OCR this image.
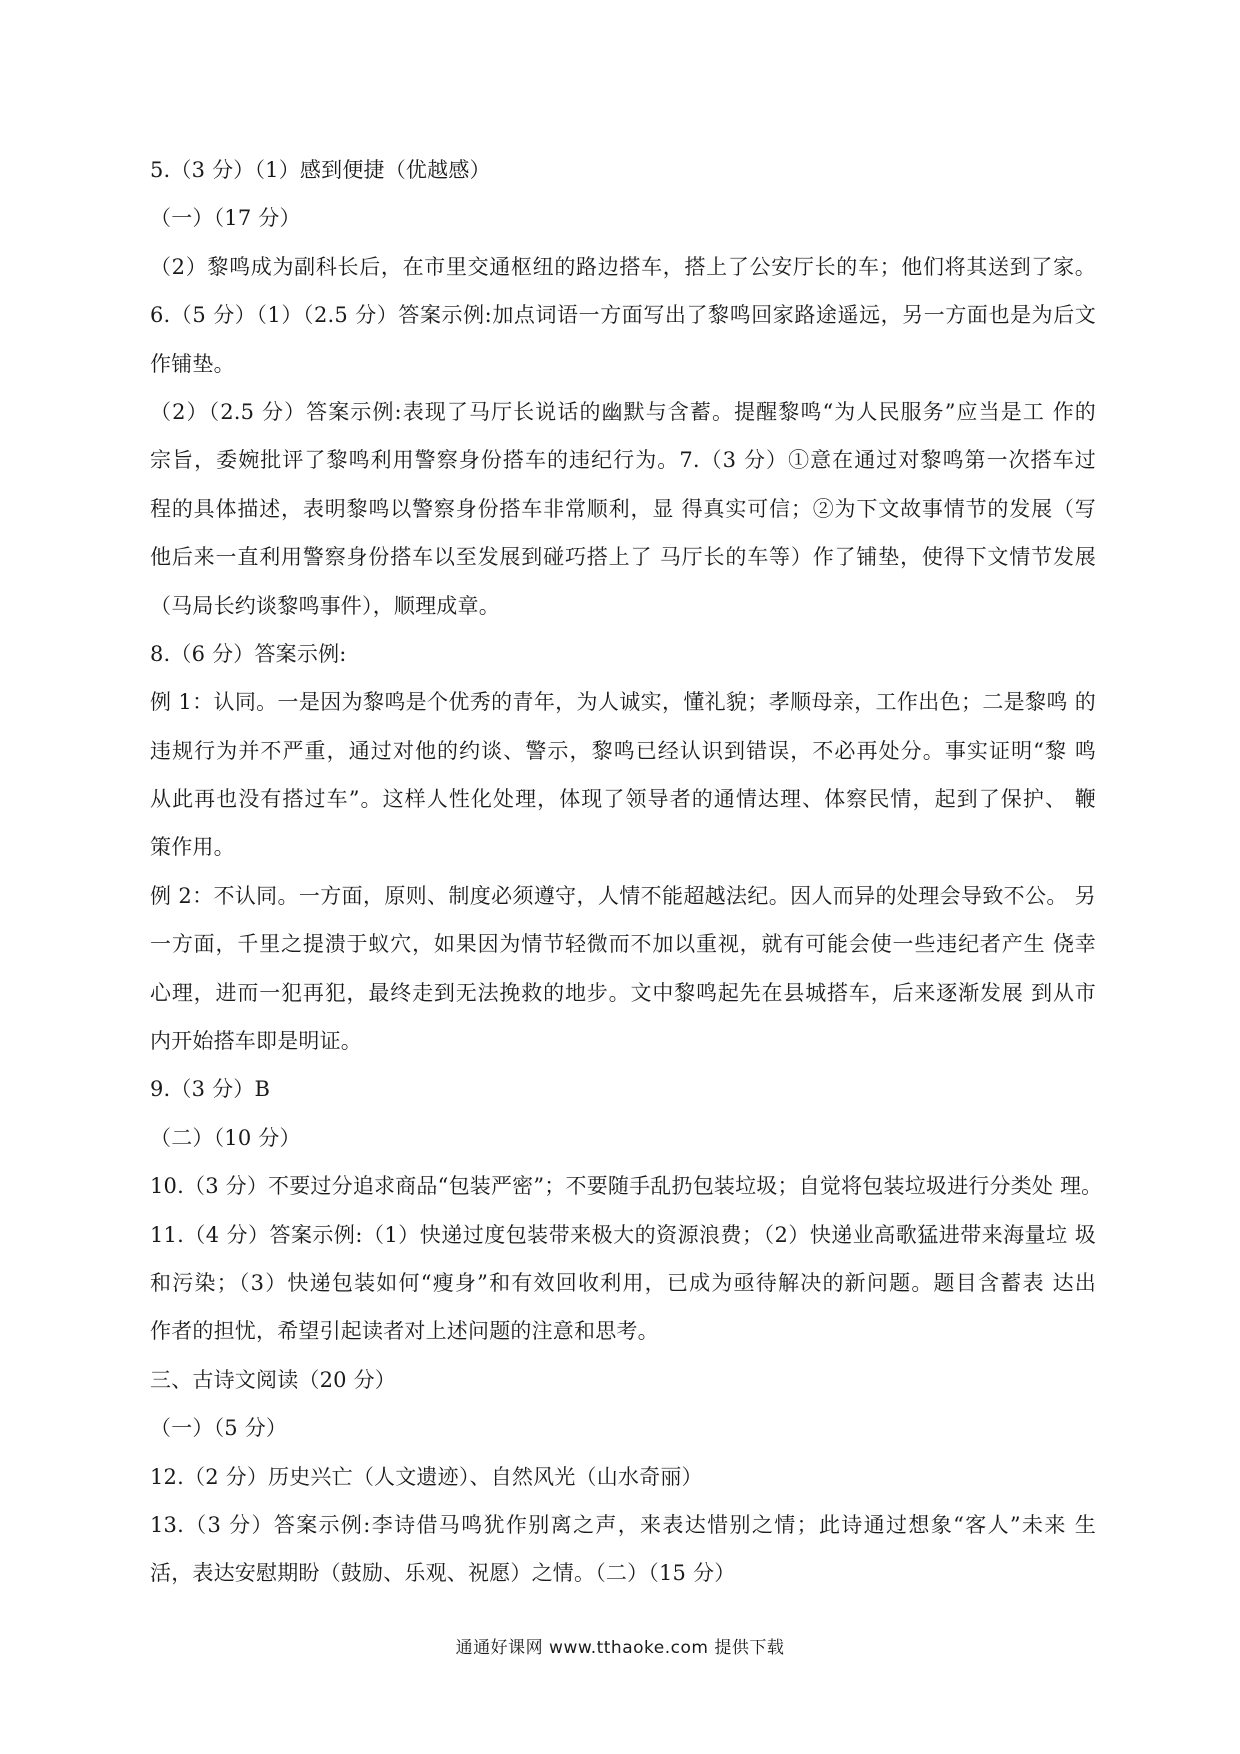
5.（3 分）（1）感到便捷（优越感）
（一）（17 分）
（2）黎鸣成为副科长后，在市里交通枢纽的路边搭车，搭上了公安厅长的车；他们将其送到了家。
6.（5 分）（1）（2.5 分）答案示例:加点词语一方面写出了黎鸣回家路途遥远，另一方面也是为后文
作铺垫。
（2）（2.5 分）答案示例:表现了马厅长说话的幽默与含蓄。提醒黎鸣“为人民服务”应当是工 作的
宗旨，委婉批评了黎鸣利用警察身份搭车的违纪行为。7.（3 分）①意在通过对黎鸣第一次搭车过
程的具体描述，表明黎鸣以警察身份搭车非常顺利，显 得真实可信；②为下文故事情节的发展（写
他后来一直利用警察身份搭车以至发展到碰巧搭上了 马厅长的车等）作了铺垫，使得下文情节发展
（马局长约谈黎鸣事件），顺理成章。
8.（6 分）答案示例:
例 1：认同。一是因为黎鸣是个优秀的青年，为人诚实，懂礼貌；孝顺母亲，工作出色；二是黎鸣 的
违规行为并不严重，通过对他的约谈、警示，黎鸣已经认识到错误，不必再处分。事实证明“黎 鸣
从此再也没有搭过车”。这样人性化处理，体现了领导者的通情达理、体察民情，起到了保护、 鞭
策作用。
例 2：不认同。一方面，原则、制度必须遵守，人情不能超越法纪。因人而异的处理会导致不公。 另
一方面，千里之提溃于蚁穴，如果因为情节轻微而不加以重视，就有可能会使一些违纪者产生 侥幸
心理，进而一犯再犯，最终走到无法挽救的地步。文中黎鸣起先在县城搭车，后来逐渐发展 到从市
内开始搭车即是明证。
9.（3 分）B
（二）（10 分）
10.（3 分）不要过分追求商品“包装严密”；不要随手乱扔包装垃圾；自觉将包装垃圾进行分类处 理。
11.（4 分）答案示例:（1）快递过度包装带来极大的资源浪费；（2）快递业高歌猛进带来海量垃 圾
和污染；（3）快递包装如何“瘦身”和有效回收利用，已成为亟待解决的新问题。题目含蓄表 达出
作者的担忧，希望引起读者对上述问题的注意和思考。
三、古诗文阅读（20 分）
（一）（5 分）
12.（2 分）历史兴亡（人文遗迹）、自然风光（山水奇丽）
13.（3 分）答案示例:李诗借马鸣犹作别离之声，来表达惜别之情；此诗通过想象“客人”未来 生
活，表达安慰期盼（鼓励、乐观、祝愿）之情。（二）（15 分）
通通好课网 www.tthaoke.com 提供下载
